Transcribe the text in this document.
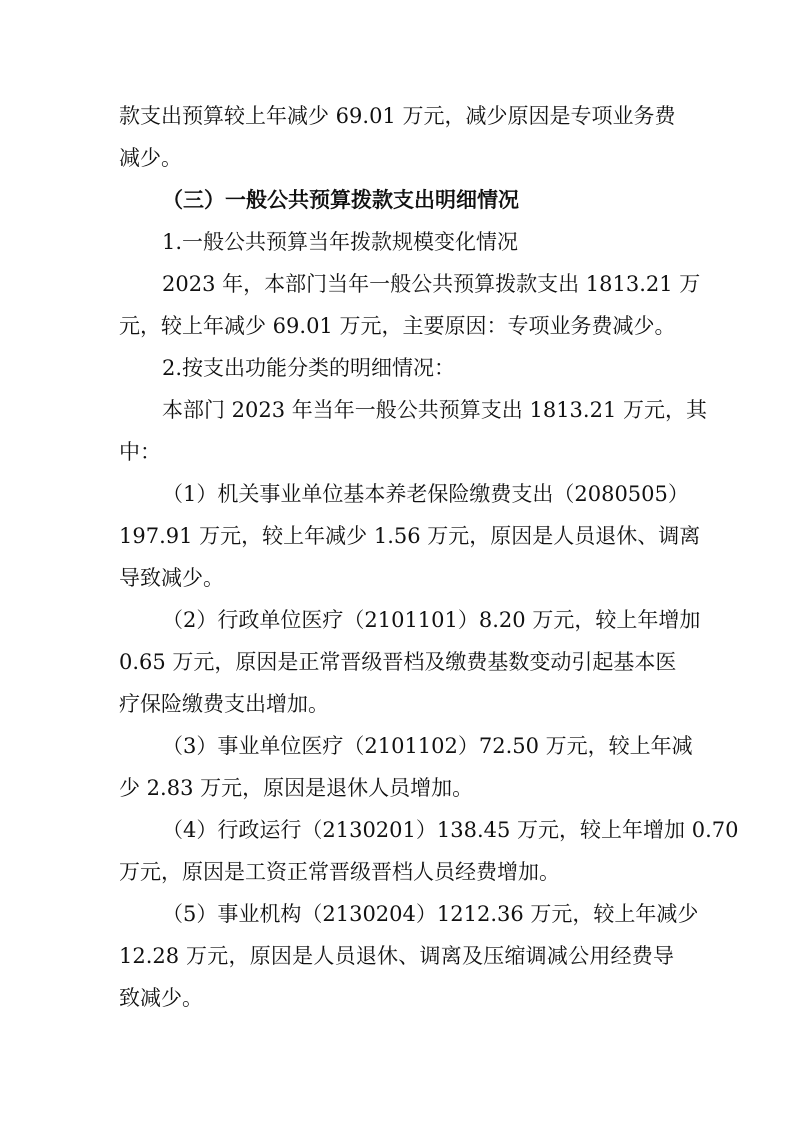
款支出预算较上年减少 69.01 万元，减少原因是专项业务费
减少。
（三）一般公共预算拨款支出明细情况
1.一般公共预算当年拨款规模变化情况
2023 年，本部门当年一般公共预算拨款支出 1813.21 万
元，较上年减少 69.01 万元，主要原因：专项业务费减少。
2.按支出功能分类的明细情况：
本部门 2023 年当年一般公共预算支出 1813.21 万元，其
中：
（1）机关事业单位基本养老保险缴费支出（2080505）
197.91 万元，较上年减少 1.56 万元，原因是人员退休、调离
导致减少。
（2）行政单位医疗（2101101）8.20 万元，较上年增加
0.65 万元，原因是正常晋级晋档及缴费基数变动引起基本医
疗保险缴费支出增加。
（3）事业单位医疗（2101102）72.50 万元，较上年减
少 2.83 万元，原因是退休人员增加。
（4）行政运行（2130201）138.45 万元，较上年增加 0.70
万元，原因是工资正常晋级晋档人员经费增加。
（5）事业机构（2130204）1212.36 万元，较上年减少
12.28 万元，原因是人员退休、调离及压缩调减公用经费导
致减少。
